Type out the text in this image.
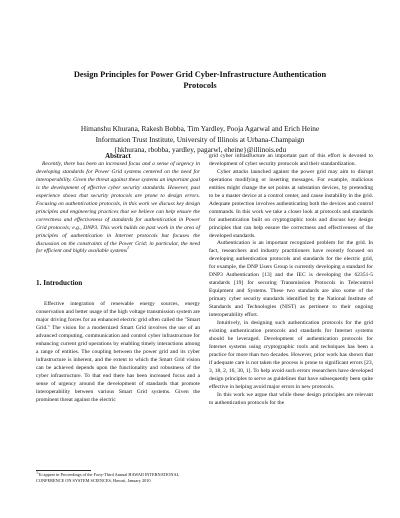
Design Principles for Power Grid Cyber-Infrastructure Authentication
Protocols
Himanshu Khurana, Rakesh Bobba, Tim Yardley, Pooja Agarwal and Erich Heine
Information Trust Institute, University of Illinois at Urbana-Champaign
{hkhurana, rbobba, yardley, pagarwl, eheine}@illinois.edu
Abstract
Recently, there has been an increased focus and a sense of urgency in developing standards for Power Grid systems centered on the need for interoperability. Given the threat against these systems an important goal is the development of effective cyber security standards. However, past experience shows that security protocols are prone to design errors. Focusing on authentication protocols, in this work we discuss key design principles and engineering practices that we believe can help ensure the correctness and effectiveness of standards for authentication in Power Grid protocols; e.g., DNP3. This work builds on past work in the area of principles of authentication in Internet protocols but focuses the discussion on the constraints of the Power Grid; in particular, the need for efficient and highly available systems$^1$
1. Introduction
Effective integration of renewable energy sources, energy conservation and better usage of the high voltage transmission system are major driving forces for an enhanced electric grid often called the "Smart Grid." The vision for a modernized Smart Grid involves the use of an advanced computing, communication and control cyber infrastructure for enhancing current grid operations by enabling timely interactions among a range of entities. The coupling between the power grid and its cyber infrastructure is inherent, and the extent to which the Smart Grid vision can be achieved depends upon the functionality and robustness of the cyber infrastructure. To that end there has been increased focus and a sense of urgency around the development of standards that promote interoperability between various Smart Grid systems. Given the prominent threat against the electric
1To appear in Proceedings of the Forty-Third Annual HAWAII INTERNATIONAL CONFERENCE ON SYSTEM SCIENCES, Hawaii, January 2010
grid cyber infrastructure an important part of this effort is devoted to development of cyber security protocols and their standardization.
Cyber attacks launched against the power grid may aim to disrupt operations modifying or inserting messages. For example, malicious entities might change the set points at substation devices, by pretending to be a master device at a control center, and cause instability in the grid. Adequate protection involves authenticating both the devices and control commands. In this work we take a closer look at protocols and standards for authentication built on cryptographic tools and discuss key design principles that can help ensure the correctness and effectiveness of the developed standards.
Authentication is an important recognized problem for the grid. In fact, researchers and industry practitioners have recently focused on developing authentication protocols and standards for the electric grid, for example, the DNP Users Group is currently developing a standard for DNP3 Authentication [13] and the IEC is developing the 62351-5 standards [19] for securing Transmission Protocols in Telecontrol Equipment and Systems. These two standards are also some of the primary cyber security standards identified by the National Institute of Standards and Technologies (NIST) as pertinent to their ongoing interoperability effort.
Intuitively, in designing such authentication protocols for the grid existing authentication protocols and standards for Internet systems should be leveraged. Development of authentication protocols for Internet systems using cryptographic tools and techniques has been a practice for more than two decades. However, prior work has shown that if adequate care is not taken the process is prone to significant errors [23, 3, 18, 2, 16, 30, 1]. To help avoid such errors researchers have developed design principles to serve as guidelines that have subsequently been quite effective in helping avoid major errors in new protocols.
In this work we argue that while these design principles are relevant to authentication protocols for the
